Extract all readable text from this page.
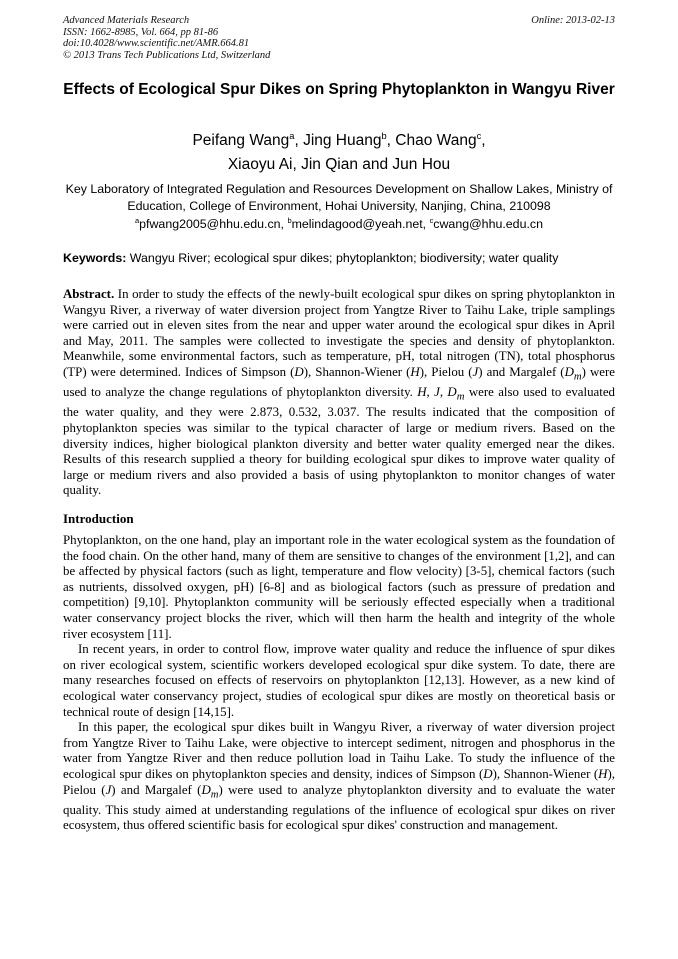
Advanced Materials Research
ISSN: 1662-8985, Vol. 664, pp 81-86
doi:10.4028/www.scientific.net/AMR.664.81
© 2013 Trans Tech Publications Ltd, Switzerland
Online: 2013-02-13
Effects of Ecological Spur Dikes on Spring Phytoplankton in Wangyu River
Peifang Wang$^a$, Jing Huang$^b$, Chao Wang$^c$,
Xiaoyu Ai, Jin Qian and Jun Hou
Key Laboratory of Integrated Regulation and Resources Development on Shallow Lakes, Ministry of Education, College of Environment, Hohai University, Nanjing, China, 210098
$^a$pfwang2005@hhu.edu.cn, $^b$melindagood@yeah.net, $^c$cwang@hhu.edu.cn
Keywords: Wangyu River; ecological spur dikes; phytoplankton; biodiversity; water quality
Abstract. In order to study the effects of the newly-built ecological spur dikes on spring phytoplankton in Wangyu River, a riverway of water diversion project from Yangtze River to Taihu Lake, triple samplings were carried out in eleven sites from the near and upper water around the ecological spur dikes in April and May, 2011. The samples were collected to investigate the species and density of phytoplankton. Meanwhile, some environmental factors, such as temperature, pH, total nitrogen (TN), total phosphorus (TP) were determined. Indices of Simpson (D), Shannon-Wiener (H), Pielou (J) and Margalef $(D_m)$ were used to analyze the change regulations of phytoplankton diversity. H, J, $D_m$ were also used to evaluated the water quality, and they were 2.873, 0.532, 3.037. The results indicated that the composition of phytoplankton species was similar to the typical character of large or medium rivers. Based on the diversity indices, higher biological plankton diversity and better water quality emerged near the dikes. Results of this research supplied a theory for building ecological spur dikes to improve water quality of large or medium rivers and also provided a basis of using phytoplankton to monitor changes of water quality.
Introduction

Phytoplankton, on the one hand, play an important role in the water ecological system as the foundation of the food chain. On the other hand, many of them are sensitive to changes of the environment [1,2], and can be affected by physical factors (such as light, temperature and flow velocity) [3-5], chemical factors (such as nutrients, dissolved oxygen, pH) [6-8] and as biological factors (such as pressure of predation and competition) [9,10]. Phytoplankton community will be seriously effected especially when a traditional water conservancy project blocks the river, which will then harm the health and integrity of the whole river ecosystem [11].

In recent years, in order to control flow, improve water quality and reduce the influence of spur dikes on river ecological system, scientific workers developed ecological spur dike system. To date, there are many researches focused on effects of reservoirs on phytoplankton [12,13]. However, as a new kind of ecological water conservancy project, studies of ecological spur dikes are mostly on theoretical basis or technical route of design [14,15].

In this paper, the ecological spur dikes built in Wangyu River, a riverway of water diversion project from Yangtze River to Taihu Lake, were objective to intercept sediment, nitrogen and phosphorus in the water from Yangtze River and then reduce pollution load in Taihu Lake. To study the influence of the ecological spur dikes on phytoplankton species and density, indices of Simpson (D), Shannon-Wiener (H), Pielou (J) and Margalef $(D_m)$ were used to analyze phytoplankton diversity and to evaluate the water quality. This study aimed at understanding regulations of the influence of ecological spur dikes on river ecosystem, thus offered scientific basis for ecological spur dikes' construction and management.
